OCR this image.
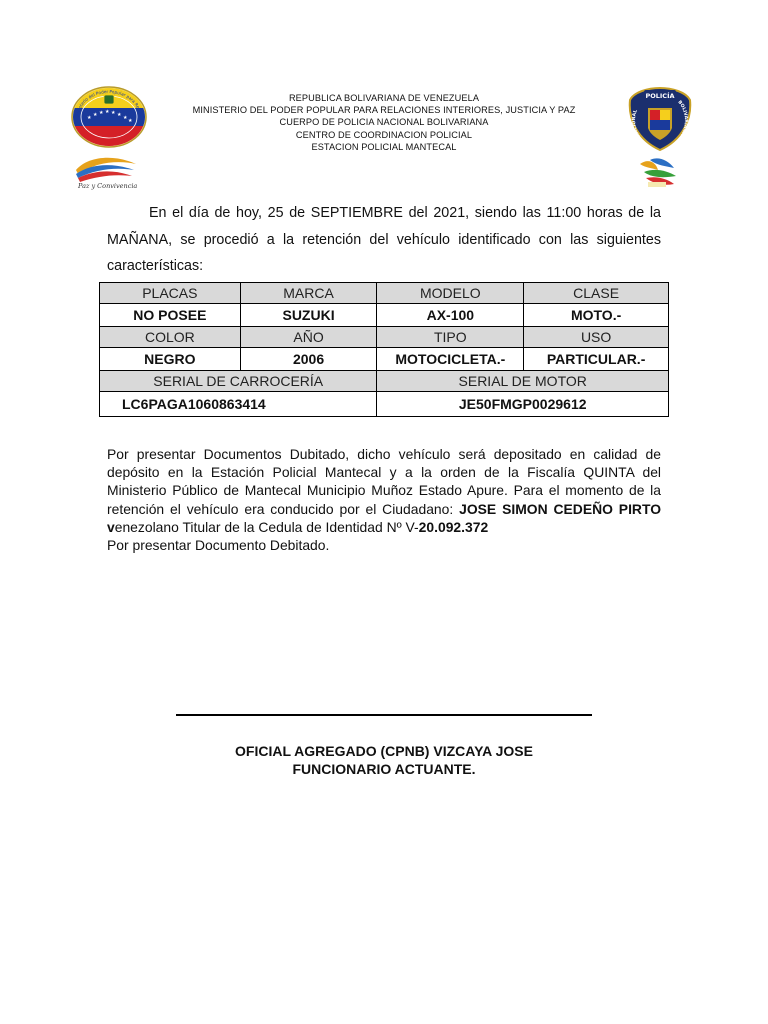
★ ★ ★ ★ ★ ★ ★ ★
Ministerio del Poder Popular para Relacio
Paz y Convivencia
POLICÍA
NACIONAL
BOLIVARIANA
REPUBLICA BOLIVARIANA DE VENEZUELA
MINISTERIO DEL PODER POPULAR PARA RELACIONES INTERIORES, JUSTICIA Y PAZ
CUERPO DE POLICIA NACIONAL BOLIVARIANA
CENTRO DE COORDINACION POLICIAL
ESTACION POLICIAL MANTECAL
En el día de hoy, 25 de SEPTIEMBRE del 2021, siendo las 11:00 horas de la MAÑANA, se procedió a la retención del vehículo identificado con las siguientes características:
PLACAS	MARCA	MODELO	CLASE
NO POSEE	SUZUKI	AX-100	MOTO.-
COLOR	AÑO	TIPO	USO
NEGRO	2006	MOTOCICLETA.-	PARTICULAR.-
SERIAL DE CARROCERÍA		SERIAL DE MOTOR	
LC6PAGA1060863414		JE50FMGP0029612	
Por presentar Documentos Dubitado, dicho vehículo será depositado en calidad de depósito en la Estación Policial Mantecal y a la orden de la Fiscalía QUINTA del Ministerio Público de Mantecal Municipio Muñoz Estado Apure. Para el momento de la retención el vehículo era conducido por el Ciudadano: JOSE SIMON CEDEÑO PIRTO venezolano Titular de la Cedula de Identidad Nº V-20.092.372
Por presentar Documento Debitado.
OFICIAL AGREGADO (CPNB) VIZCAYA JOSE
FUNCIONARIO ACTUANTE.
